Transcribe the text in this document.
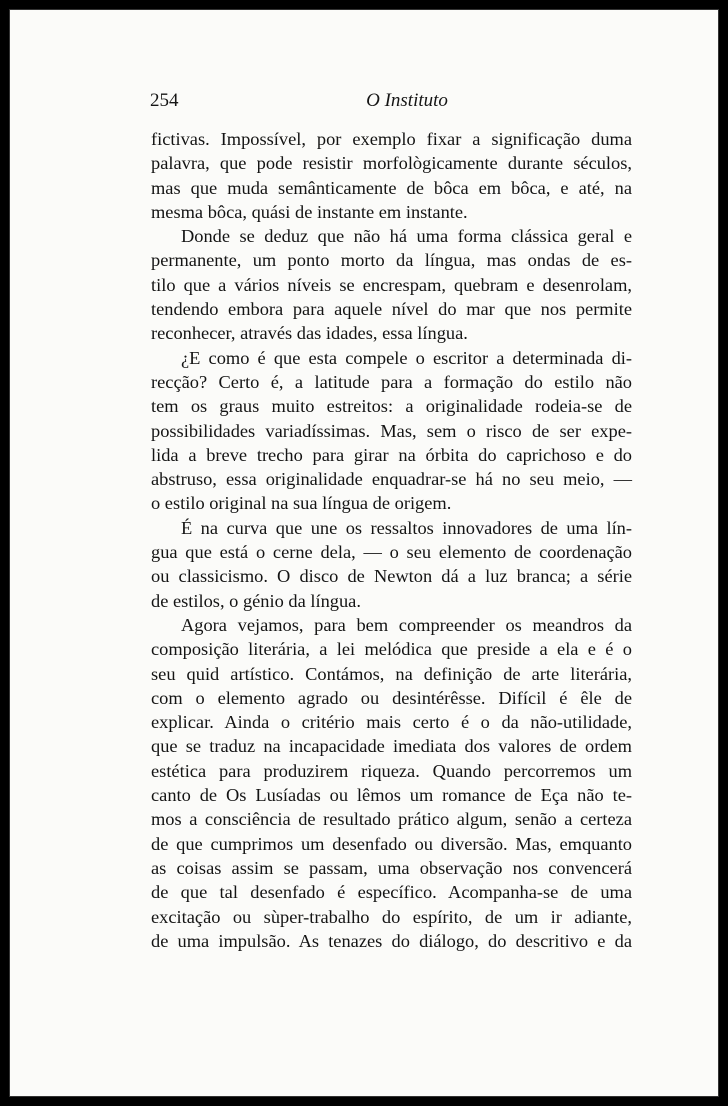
254	O Instituto
fictivas. Impossível, por exemplo fixar a significação duma
palavra, que pode resistir morfològicamente durante séculos,
mas que muda semânticamente de bôca em bôca, e até, na
mesma bôca, quási de instante em instante.
Donde se deduz que não há uma forma clássica geral e
permanente, um ponto morto da língua, mas ondas de es-
tilo que a vários níveis se encrespam, quebram e desenrolam,
tendendo embora para aquele nível do mar que nos permite
reconhecer, através das idades, essa língua.
¿E como é que esta compele o escritor a determinada di-
recção? Certo é, a latitude para a formação do estilo não
tem os graus muito estreitos: a originalidade rodeia-se de
possibilidades variadíssimas. Mas, sem o risco de ser expe-
lida a breve trecho para girar na órbita do caprichoso e do
abstruso, essa originalidade enquadrar-se há no seu meio, —
o estilo original na sua língua de origem.
É na curva que une os ressaltos innovadores de uma lín-
gua que está o cerne dela, — o seu elemento de coordenação
ou classicismo. O disco de Newton dá a luz branca; a série
de estilos, o génio da língua.
Agora vejamos, para bem compreender os meandros da
composição literária, a lei melódica que preside a ela e é o
seu quid artístico. Contámos, na definição de arte literária,
com o elemento agrado ou desintérêsse. Difícil é êle de
explicar. Ainda o critério mais certo é o da não-utilidade,
que se traduz na incapacidade imediata dos valores de ordem
estética para produzirem riqueza. Quando percorremos um
canto de Os Lusíadas ou lêmos um romance de Eça não te-
mos a consciência de resultado prático algum, senão a certeza
de que cumprimos um desenfado ou diversão. Mas, emquanto
as coisas assim se passam, uma observação nos convencerá
de que tal desenfado é específico. Acompanha-se de uma
excitação ou sùper-trabalho do espírito, de um ir adiante,
de uma impulsão. As tenazes do diálogo, do descritivo e da
